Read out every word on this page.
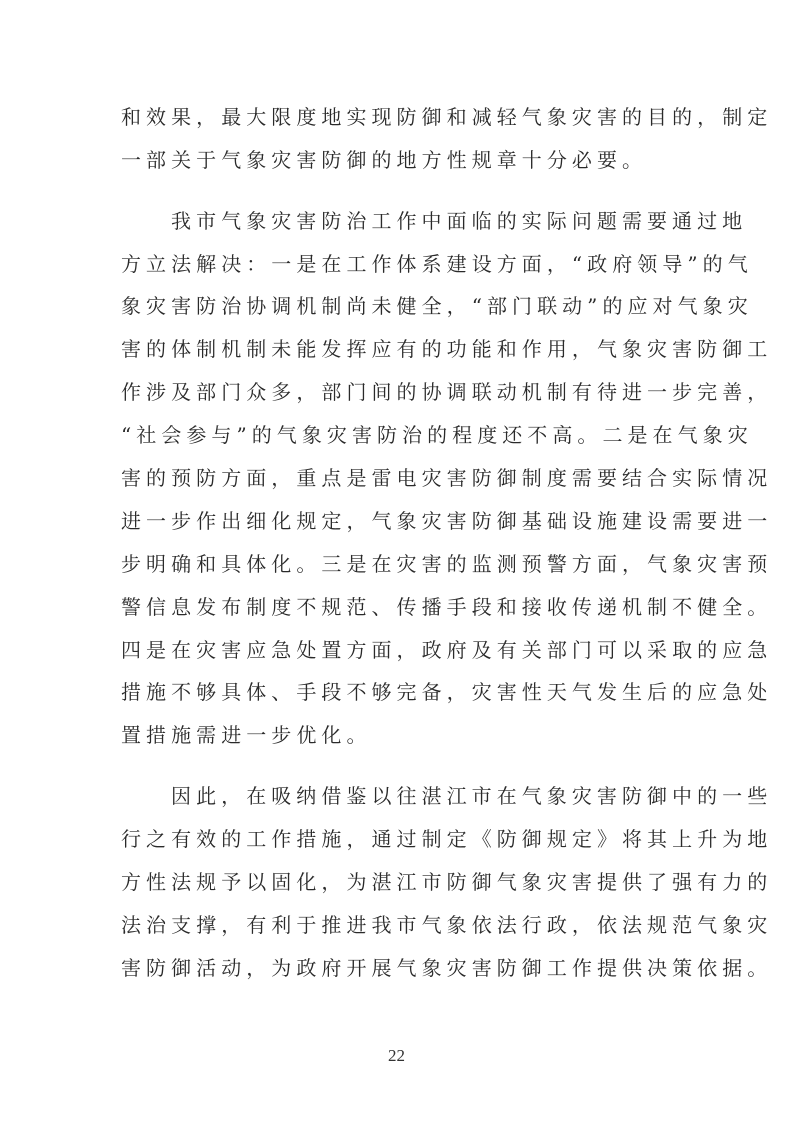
和效果，最大限度地实现防御和减轻气象灾害的目的，制定
一部关于气象灾害防御的地方性规章十分必要。
　我市气象灾害防治工作中面临的实际问题需要通过地
方立法解决：一是在工作体系建设方面，“政府领导”的气
象灾害防治协调机制尚未健全，“部门联动”的应对气象灾
害的体制机制未能发挥应有的功能和作用，气象灾害防御工
作涉及部门众多，部门间的协调联动机制有待进一步完善，
“社会参与”的气象灾害防治的程度还不高。二是在气象灾
害的预防方面，重点是雷电灾害防御制度需要结合实际情况
进一步作出细化规定，气象灾害防御基础设施建设需要进一
步明确和具体化。三是在灾害的监测预警方面，气象灾害预
警信息发布制度不规范、传播手段和接收传递机制不健全。
四是在灾害应急处置方面，政府及有关部门可以采取的应急
措施不够具体、手段不够完备，灾害性天气发生后的应急处
置措施需进一步优化。
　因此，在吸纳借鉴以往湛江市在气象灾害防御中的一些
行之有效的工作措施，通过制定《防御规定》将其上升为地
方性法规予以固化，为湛江市防御气象灾害提供了强有力的
法治支撑，有利于推进我市气象依法行政，依法规范气象灾
害防御活动，为政府开展气象灾害防御工作提供决策依据。
22
